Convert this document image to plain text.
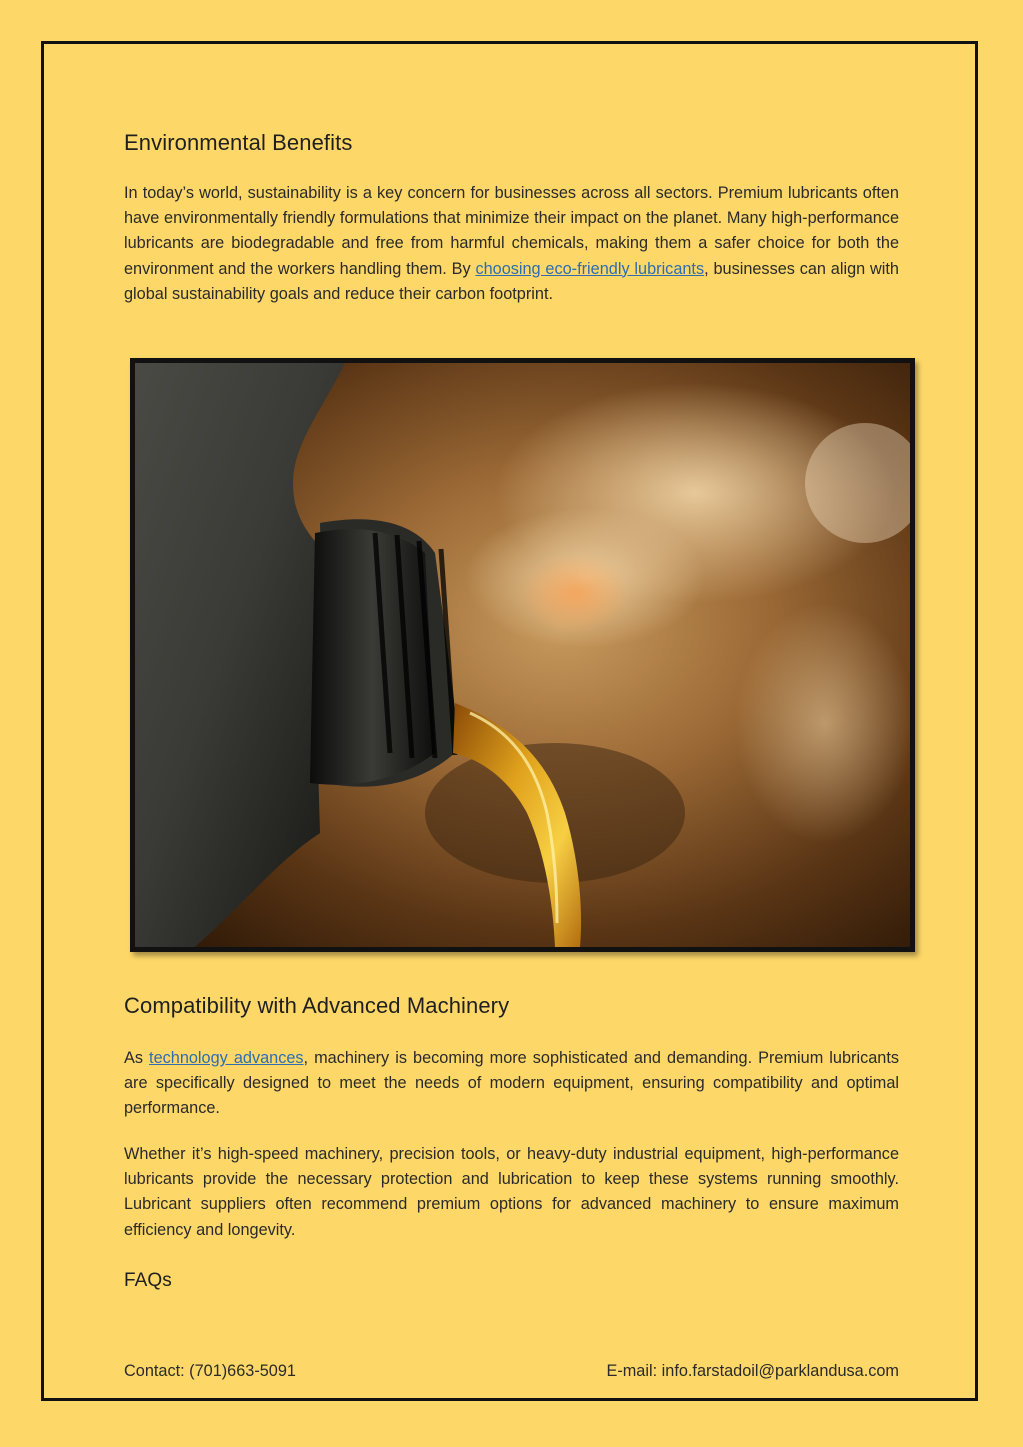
Environmental Benefits

In today’s world, sustainability is a key concern for businesses across all sectors. Premium lubricants often have environmentally friendly formulations that minimize their impact on the planet. Many high-performance lubricants are biodegradable and free from harmful chemicals, making them a safer choice for both the environment and the workers handling them. By choosing eco-friendly lubricants, businesses can align with global sustainability goals and reduce their carbon footprint.

Compatibility with Advanced Machinery

As technology advances, machinery is becoming more sophisticated and demanding. Premium lubricants are specifically designed to meet the needs of modern equipment, ensuring compatibility and optimal performance.

Whether it’s high-speed machinery, precision tools, or heavy-duty industrial equipment, high-performance lubricants provide the necessary protection and lubrication to keep these systems running smoothly. Lubricant suppliers often recommend premium options for advanced machinery to ensure maximum efficiency and longevity.

FAQs
Contact: (701)663-5091	E-mail: info.farstadoil@parklandusa.com
